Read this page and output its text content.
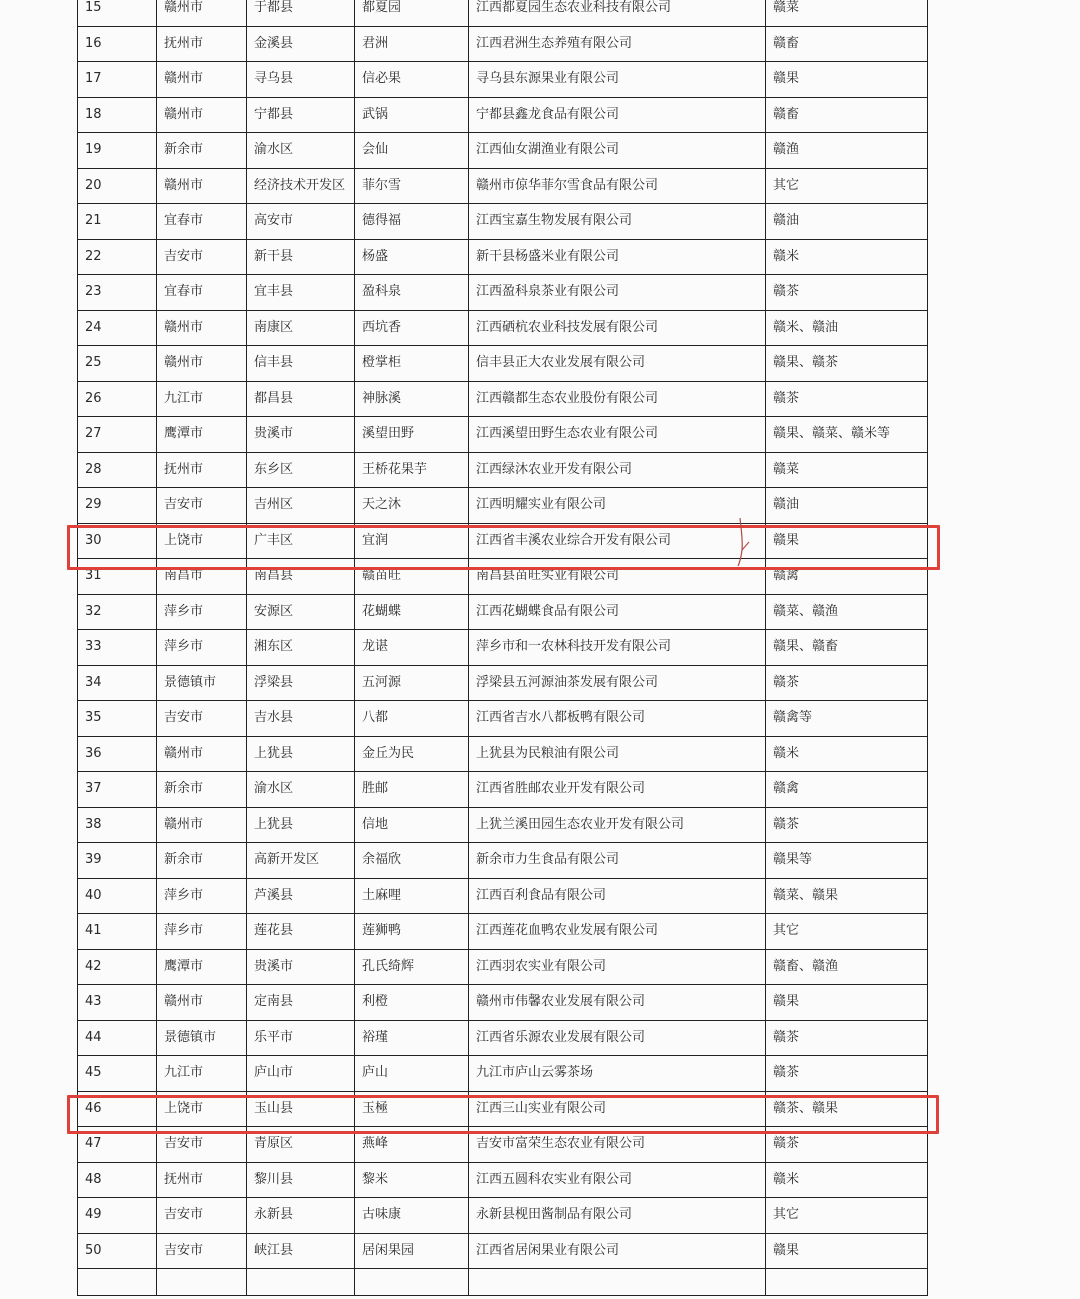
15	赣州市	于都县	都夏园	江西都夏园生态农业科技有限公司	赣菜
16	抚州市	金溪县	君洲	江西君洲生态养殖有限公司	赣畜
17	赣州市	寻乌县	信必果	寻乌县东源果业有限公司	赣果
18	赣州市	宁都县	武锅	宁都县鑫龙食品有限公司	赣畜
19	新余市	渝水区	会仙	江西仙女湖渔业有限公司	赣渔
20	赣州市	经济技术开发区	菲尔雪	赣州市倞华菲尔雪食品有限公司	其它
21	宜春市	高安市	德得福	江西宝嘉生物发展有限公司	赣油
22	吉安市	新干县	杨盛	新干县杨盛米业有限公司	赣米
23	宜春市	宜丰县	盈科泉	江西盈科泉茶业有限公司	赣茶
24	赣州市	南康区	西坑香	江西硒杭农业科技发展有限公司	赣米、赣油
25	赣州市	信丰县	橙掌柜	信丰县正大农业发展有限公司	赣果、赣茶
26	九江市	都昌县	神脉溪	江西赣都生态农业股份有限公司	赣茶
27	鹰潭市	贵溪市	溪望田野	江西溪望田野生态农业有限公司	赣果、赣菜、赣米等
28	抚州市	东乡区	王桥花果芋	江西绿沐农业开发有限公司	赣菜
29	吉安市	吉州区	天之沐	江西明耀实业有限公司	赣油
30	上饶市	广丰区	宜润	江西省丰溪农业综合开发有限公司	赣果
31	南昌市	南昌县	赣苗旺	南昌县苗旺实业有限公司	赣禽
32	萍乡市	安源区	花蝴蝶	江西花蝴蝶食品有限公司	赣菜、赣渔
33	萍乡市	湘东区	龙谌	萍乡市和一农林科技开发有限公司	赣果、赣畜
34	景德镇市	浮梁县	五河源	浮梁县五河源油茶发展有限公司	赣茶
35	吉安市	吉水县	八都	江西省吉水八都板鸭有限公司	赣禽等
36	赣州市	上犹县	金丘为民	上犹县为民粮油有限公司	赣米
37	新余市	渝水区	胜邮	江西省胜邮农业开发有限公司	赣禽
38	赣州市	上犹县	信地	上犹兰溪田园生态农业开发有限公司	赣茶
39	新余市	高新开发区	余福欣	新余市力生食品有限公司	赣果等
40	萍乡市	芦溪县	土麻哩	江西百利食品有限公司	赣菜、赣果
41	萍乡市	莲花县	莲狮鸭	江西莲花血鸭农业发展有限公司	其它
42	鹰潭市	贵溪市	孔氏绮辉	江西羽农实业有限公司	赣畜、赣渔
43	赣州市	定南县	利橙	赣州市伟馨农业发展有限公司	赣果
44	景德镇市	乐平市	裕瑾	江西省乐源农业发展有限公司	赣茶
45	九江市	庐山市	庐山	九江市庐山云雾茶场	赣茶
46	上饶市	玉山县	玉極	江西三山实业有限公司	赣茶、赣果
47	吉安市	青原区	燕峰	吉安市富荣生态农业有限公司	赣茶
48	抚州市	黎川县	黎米	江西五圆科农实业有限公司	赣米
49	吉安市	永新县	古味康	永新县枧田酱制品有限公司	其它
50	吉安市	峡江县	居闲果园	江西省居闲果业有限公司	赣果
